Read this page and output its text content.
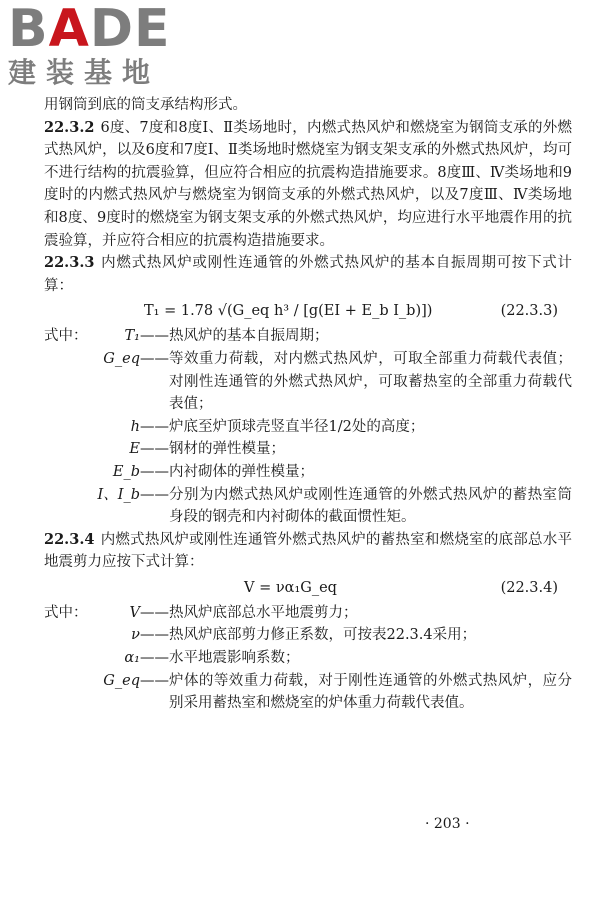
BADE
建装基地

用钢筒到底的筒支承结构形式。

22.3.2 6度、7度和8度Ⅰ、Ⅱ类场地时，内燃式热风炉和燃烧室为钢筒支承的外燃式热风炉，以及6度和7度Ⅰ、Ⅱ类场地时燃烧室为钢支架支承的外燃式热风炉，均可不进行结构的抗震验算，但应符合相应的抗震构造措施要求。8度Ⅲ、Ⅳ类场地和9度时的内燃式热风炉与燃烧室为钢筒支承的外燃式热风炉，以及7度Ⅲ、Ⅳ类场地和8度、9度时的燃烧室为钢支架支承的外燃式热风炉，均应进行水平地震作用的抗震验算，并应符合相应的抗震构造措施要求。

22.3.3 内燃式热风炉或刚性连通管的外燃式热风炉的基本自振周期可按下式计算：

T₁ = 1.78 √(G_eq h³ / [g(EI + E_b I_b)])	(22.3.3)
式中：	T₁ —— 热风炉的基本自振周期；
G_eq —— 等效重力荷载，对内燃式热风炉，可取全部重力荷载代表值；对刚性连通管的外燃式热风炉，可取蓄热室的全部重力荷载代表值；
h —— 炉底至炉顶球壳竖直半径1/2处的高度；
E —— 钢材的弹性模量；
E_b —— 内衬砌体的弹性模量；
I、I_b —— 分别为内燃式热风炉或刚性连通管的外燃式热风炉的蓄热室筒身段的钢壳和内衬砌体的截面惯性矩。

22.3.4 内燃式热风炉或刚性连通管外燃式热风炉的蓄热室和燃烧室的底部总水平地震剪力应按下式计算：

V = να₁G_eq	(22.3.4)
式中：	V —— 热风炉底部总水平地震剪力；
ν —— 热风炉底部剪力修正系数，可按表22.3.4采用；
α₁ —— 水平地震影响系数；
G_eq —— 炉体的等效重力荷载，对于刚性连通管的外燃式热风炉，应分别采用蓄热室和燃烧室的炉体重力荷载代表值。
· 203 ·
